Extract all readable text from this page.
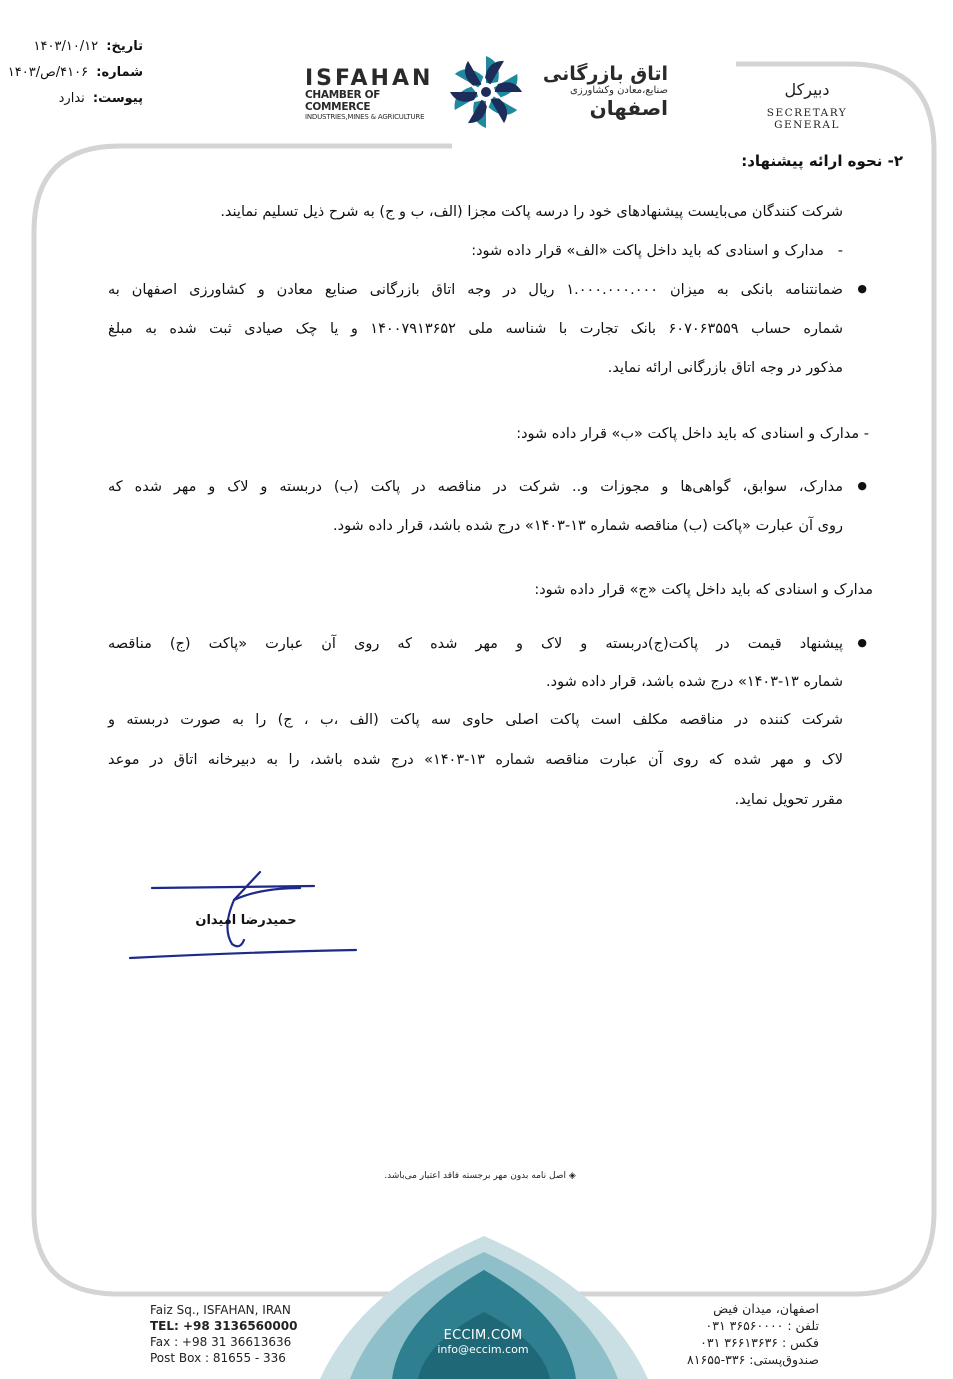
تاریخ: ۱۴۰۳/۱۰/۱۲
شماره: ۴۱۰۶/ص/۱۴۰۳
پیوست: ندارد
ISFAHAN
CHAMBER OF COMMERCE
INDUSTRIES,MINES & AGRICULTURE
اتاق بازرگانی
صنایع،معادن وکشاورزی
اصفهان
دبیرکل
SECRETARY GENERAL
۲- نحوه ارائه پیشنهاد:
شرکت کنندگان می‌بایست پیشنهادهای خود را درسه پاکت مجزا (الف، ب و ج) به شرح ذیل تسلیم نمایند.
-   مدارک و اسنادی که باید داخل پاکت «الف» قرار داده شود:
● ضمانتنامه بانکی به میزان ۱.۰۰۰.۰۰۰.۰۰۰ ریال در وجه اتاق بازرگانی صنایع معادن و کشاورزی اصفهان به
شماره حساب ۶۰۷۰۶۳۵۵۹ بانک تجارت با شناسه ملی ۱۴۰۰۷۹۱۳۶۵۲ و یا چک صیادی ثبت شده به مبلغ
مذکور در وجه اتاق بازرگانی ارائه نماید.
- مدارک و اسنادی که باید داخل پاکت «ب» قرار داده شود:
● مدارک، سوابق، گواهی‌ها و مجوزات و.. شرکت در مناقصه در پاکت (ب) دربسته و لاک و مهر شده که
روی آن عبارت «پاکت (ب) مناقصه شماره ۱۳-۱۴۰۳» درج شده باشد، قرار داده شود.
مدارک و اسنادی که باید داخل پاکت «ج» قرار داده شود:
● پیشنهاد قیمت در پاکت(ج)دربسته و لاک و مهر شده که روی آن عبارت «پاکت (ج) مناقصه
شماره ۱۳-۱۴۰۳» درج شده باشد، قرار داده شود.
شرکت کننده در مناقصه مکلف است پاکت اصلی حاوی سه پاکت (الف ،ب ، ج) را به صورت دربسته و
لاک و مهر شده که روی آن عبارت مناقصه شماره ۱۳-۱۴۰۳» درج شده باشد، را به دبیرخانه اتاق در موعد
مقرر تحویل نماید.
حمیدرضا امیدان
◈ اصل نامه بدون مهر برجسته فاقد اعتبار می‌باشد.
Faiz Sq., ISFAHAN, IRAN
TEL: +98 3136560000
Fax : +98 31 36613636
Post Box : 81655 - 336
ECCIM.COM
info@eccim.com
اصفهان، میدان فیض
تلفن : ۳۶۵۶۰۰۰۰ ۰۳۱
فکس : ۳۶۶۱۳۶۳۶ ۰۳۱
صندوق‌پستی: ۳۳۶-۸۱۶۵۵
